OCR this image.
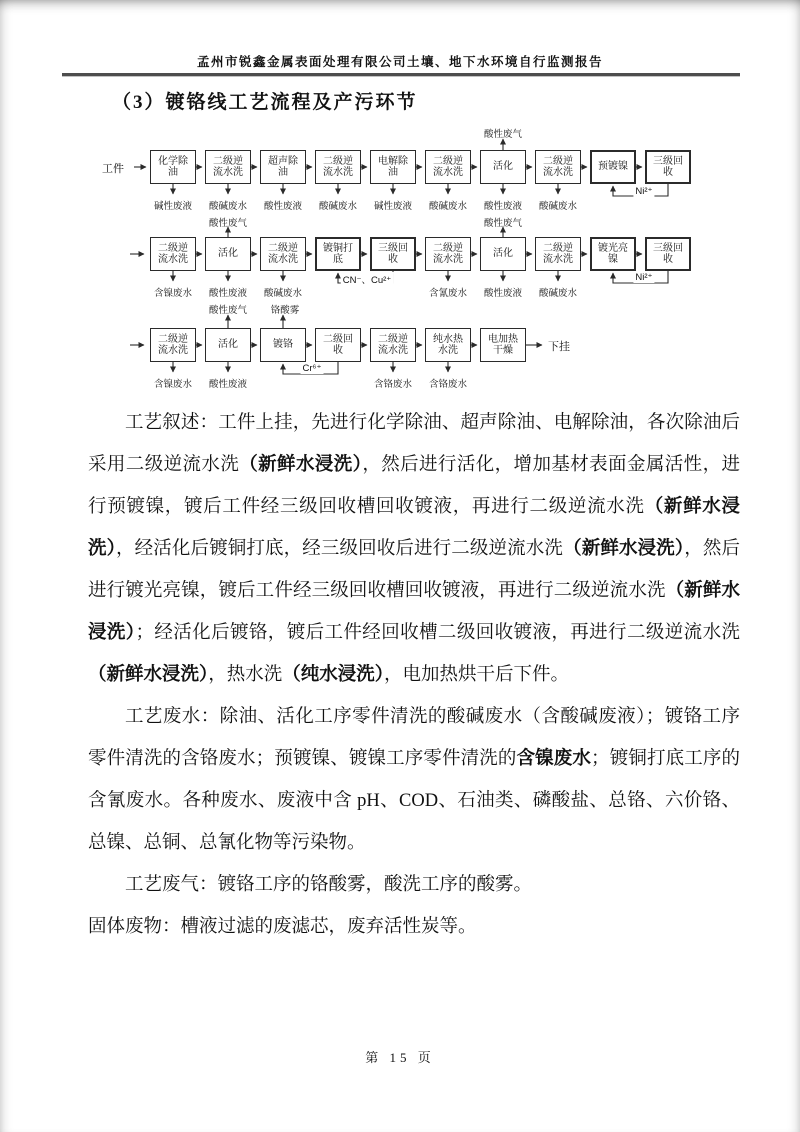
孟州市锐鑫金属表面处理有限公司土壤、地下水环境自行监测报告
（3）镀铬线工艺流程及产污环节
工件
下挂
化学除油
二级逆流水洗
超声除油
二级逆流水洗
电解除油
二级逆流水洗
活化
二级逆流水洗
预镀镍
三级回收
二级逆流水洗
活化
二级逆流水洗
镀铜打底
三级回收
二级逆流水洗
活化
二级逆流水洗
镀光亮镍
三级回收
二级逆流水洗
活化	镀铬
二级回收
二级逆流水洗
纯水热水洗
电加热干燥
酸性废气
碱性废液 酸碱废水 酸性废液 酸碱废水 碱性废液 酸碱废水 酸性废液 酸碱废水
酸性废气	酸性废气
含镍废水 酸性废液 酸碱废水	含氰废水 酸性废液 酸碱废水
酸性废气 铬酸雾
含镍废水 酸性废液	含铬废水 含铬废水
Ni²⁺
CN⁻、Cu²⁺	Ni²⁺
Cr⁶⁺

工艺叙述：工件上挂，先进行化学除油、超声除油、电解除油，各次除油后采用二级逆流水洗（新鲜水浸洗），然后进行活化，增加基材表面金属活性，进行预镀镍，镀后工件经三级回收槽回收镀液，再进行二级逆流水洗（新鲜水浸洗），经活化后镀铜打底，经三级回收后进行二级逆流水洗（新鲜水浸洗），然后进行镀光亮镍，镀后工件经三级回收槽回收镀液，再进行二级逆流水洗（新鲜水浸洗）；经活化后镀铬，镀后工件经回收槽二级回收镀液，再进行二级逆流水洗（新鲜水浸洗），热水洗（纯水浸洗），电加热烘干后下件。

工艺废水：除油、活化工序零件清洗的酸碱废水（含酸碱废液）；镀铬工序零件清洗的含铬废水；预镀镍、镀镍工序零件清洗的含镍废水；镀铜打底工序的含氰废水。各种废水、废液中含 pH、COD、石油类、磷酸盐、总铬、六价铬、总镍、总铜、总氰化物等污染物。

工艺废气：镀铬工序的铬酸雾，酸洗工序的酸雾。

固体废物：槽液过滤的废滤芯，废弃活性炭等。

第 15 页
